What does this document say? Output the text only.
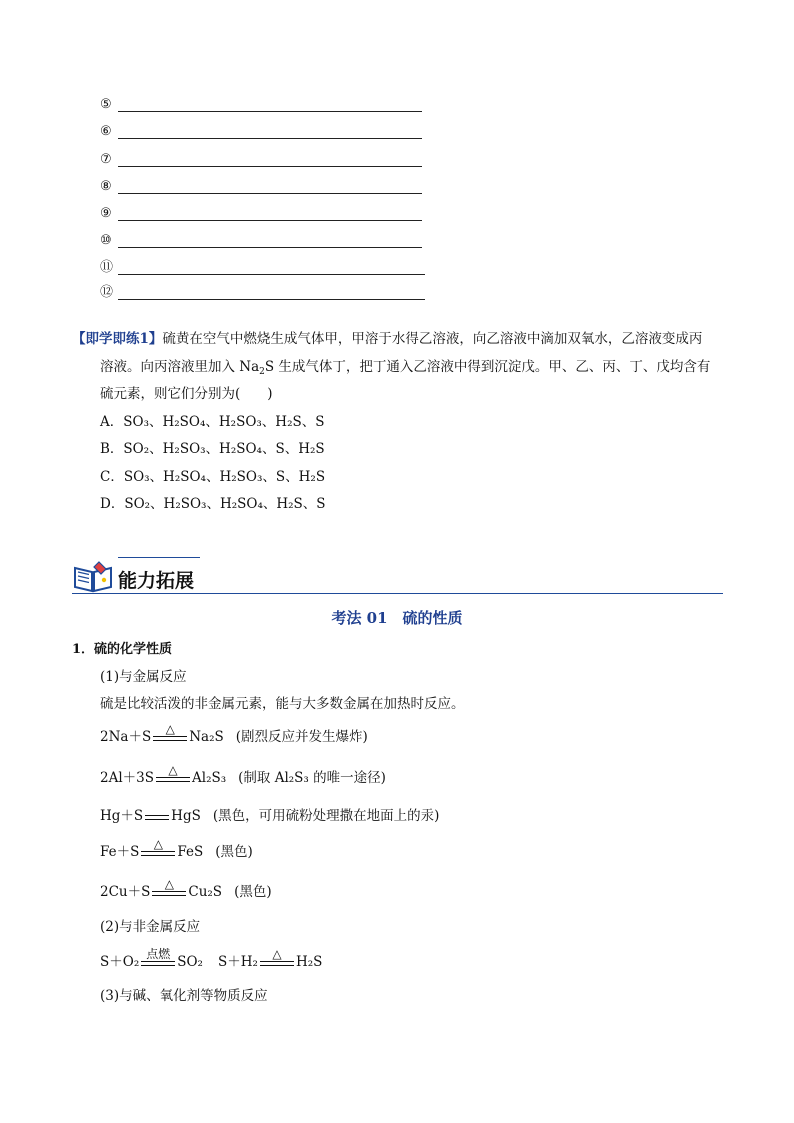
⑤
⑥
⑦
⑧
⑨
⑩
⑪
⑫
【即学即练1】硫黄在空气中燃烧生成气体甲，甲溶于水得乙溶液，向乙溶液中滴加双氧水，乙溶液变成丙
溶液。向丙溶液里加入 $Na_2S$ 生成气体丁，把丁通入乙溶液中得到沉淀戊。甲、乙、丙、丁、戊均含有
硫元素，则它们分别为(　　)
A．SO₃、H₂SO₄、H₂SO₃、H₂S、S
B．SO₂、H₂SO₃、H₂SO₄、S、H₂S
C．SO₃、H₂SO₄、H₂SO₃、S、H₂S
D．SO₂、H₂SO₃、H₂SO₄、H₂S、S
能力拓展
考法 01　硫的性质
1．硫的化学性质
(1)与金属反应
硫是比较活泼的非金属元素，能与大多数金属在加热时反应。
2Na＋S △ Na₂S (剧烈反应并发生爆炸)
2Al＋3S △ Al₂S₃ (制取 Al₂S₃ 的唯一途径)
Hg＋S HgS (黑色，可用硫粉处理撒在地面上的汞)
Fe＋S △ FeS (黑色)
2Cu＋S △ Cu₂S (黑色)
S＋O₂ 点燃 SO₂ S＋H₂ △ H₂S
(2)与非金属反应
(3)与碱、氧化剂等物质反应
